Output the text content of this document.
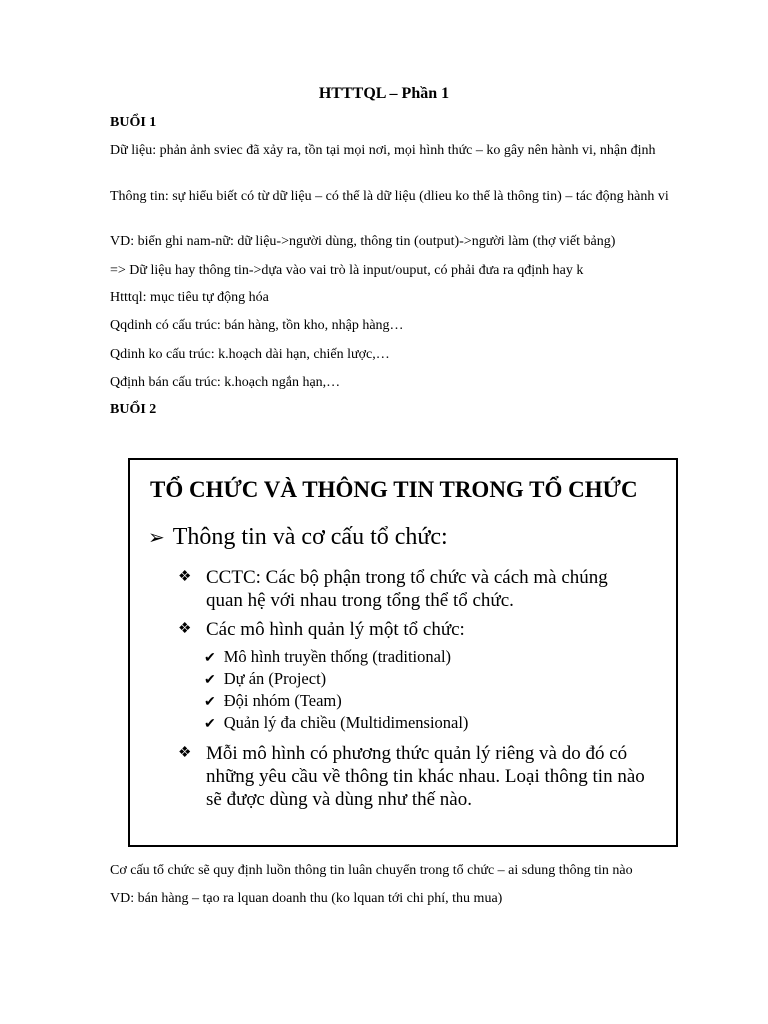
HTTTQL – Phần 1
BUỔI 1
Dữ liệu: phản ảnh sviec đã xảy ra, tồn tại mọi nơi, mọi hình thức – ko gây nên hành vi, nhận định
Thông tin: sự hiểu biết có từ dữ liệu – có thể là dữ liệu (dlieu ko thể là thông tin) – tác động hành vi
VD: biển ghi nam-nữ: dữ liệu->người dùng, thông tin (output)->người làm (thợ viết bảng)
=> Dữ liệu hay thông tin->dựa vào vai trò là input/ouput, có phải đưa ra qđịnh hay k
Htttql: mục tiêu tự động hóa
Qqdinh có cấu trúc: bán hàng, tồn kho, nhập hàng…
Qdinh ko cấu trúc: k.hoạch dài hạn, chiến lược,…
Qđịnh bán cấu trúc: k.hoạch ngắn hạn,…
BUỔI 2
TỔ CHỨC VÀ THÔNG TIN TRONG TỔ CHỨC
➢ Thông tin và cơ cấu tổ chức:
❖ CCTC: Các bộ phận trong tổ chức và cách mà chúng quan hệ với nhau trong tổng thể tổ chức.
❖ Các mô hình quản lý một tổ chức:
✔ Mô hình truyền thống (traditional)
✔ Dự án (Project)
✔ Đội nhóm (Team)
✔ Quản lý đa chiều (Multidimensional)
❖ Mỗi mô hình có phương thức quản lý riêng và do đó có những yêu cầu về thông tin khác nhau. Loại thông tin nào sẽ được dùng và dùng như thế nào.
Cơ cấu tổ chức sẽ quy định luồn thông tin luân chuyển trong tổ chức – ai sdung thông tin nào
VD: bán hàng – tạo ra lquan doanh thu (ko lquan tới chi phí, thu mua)
